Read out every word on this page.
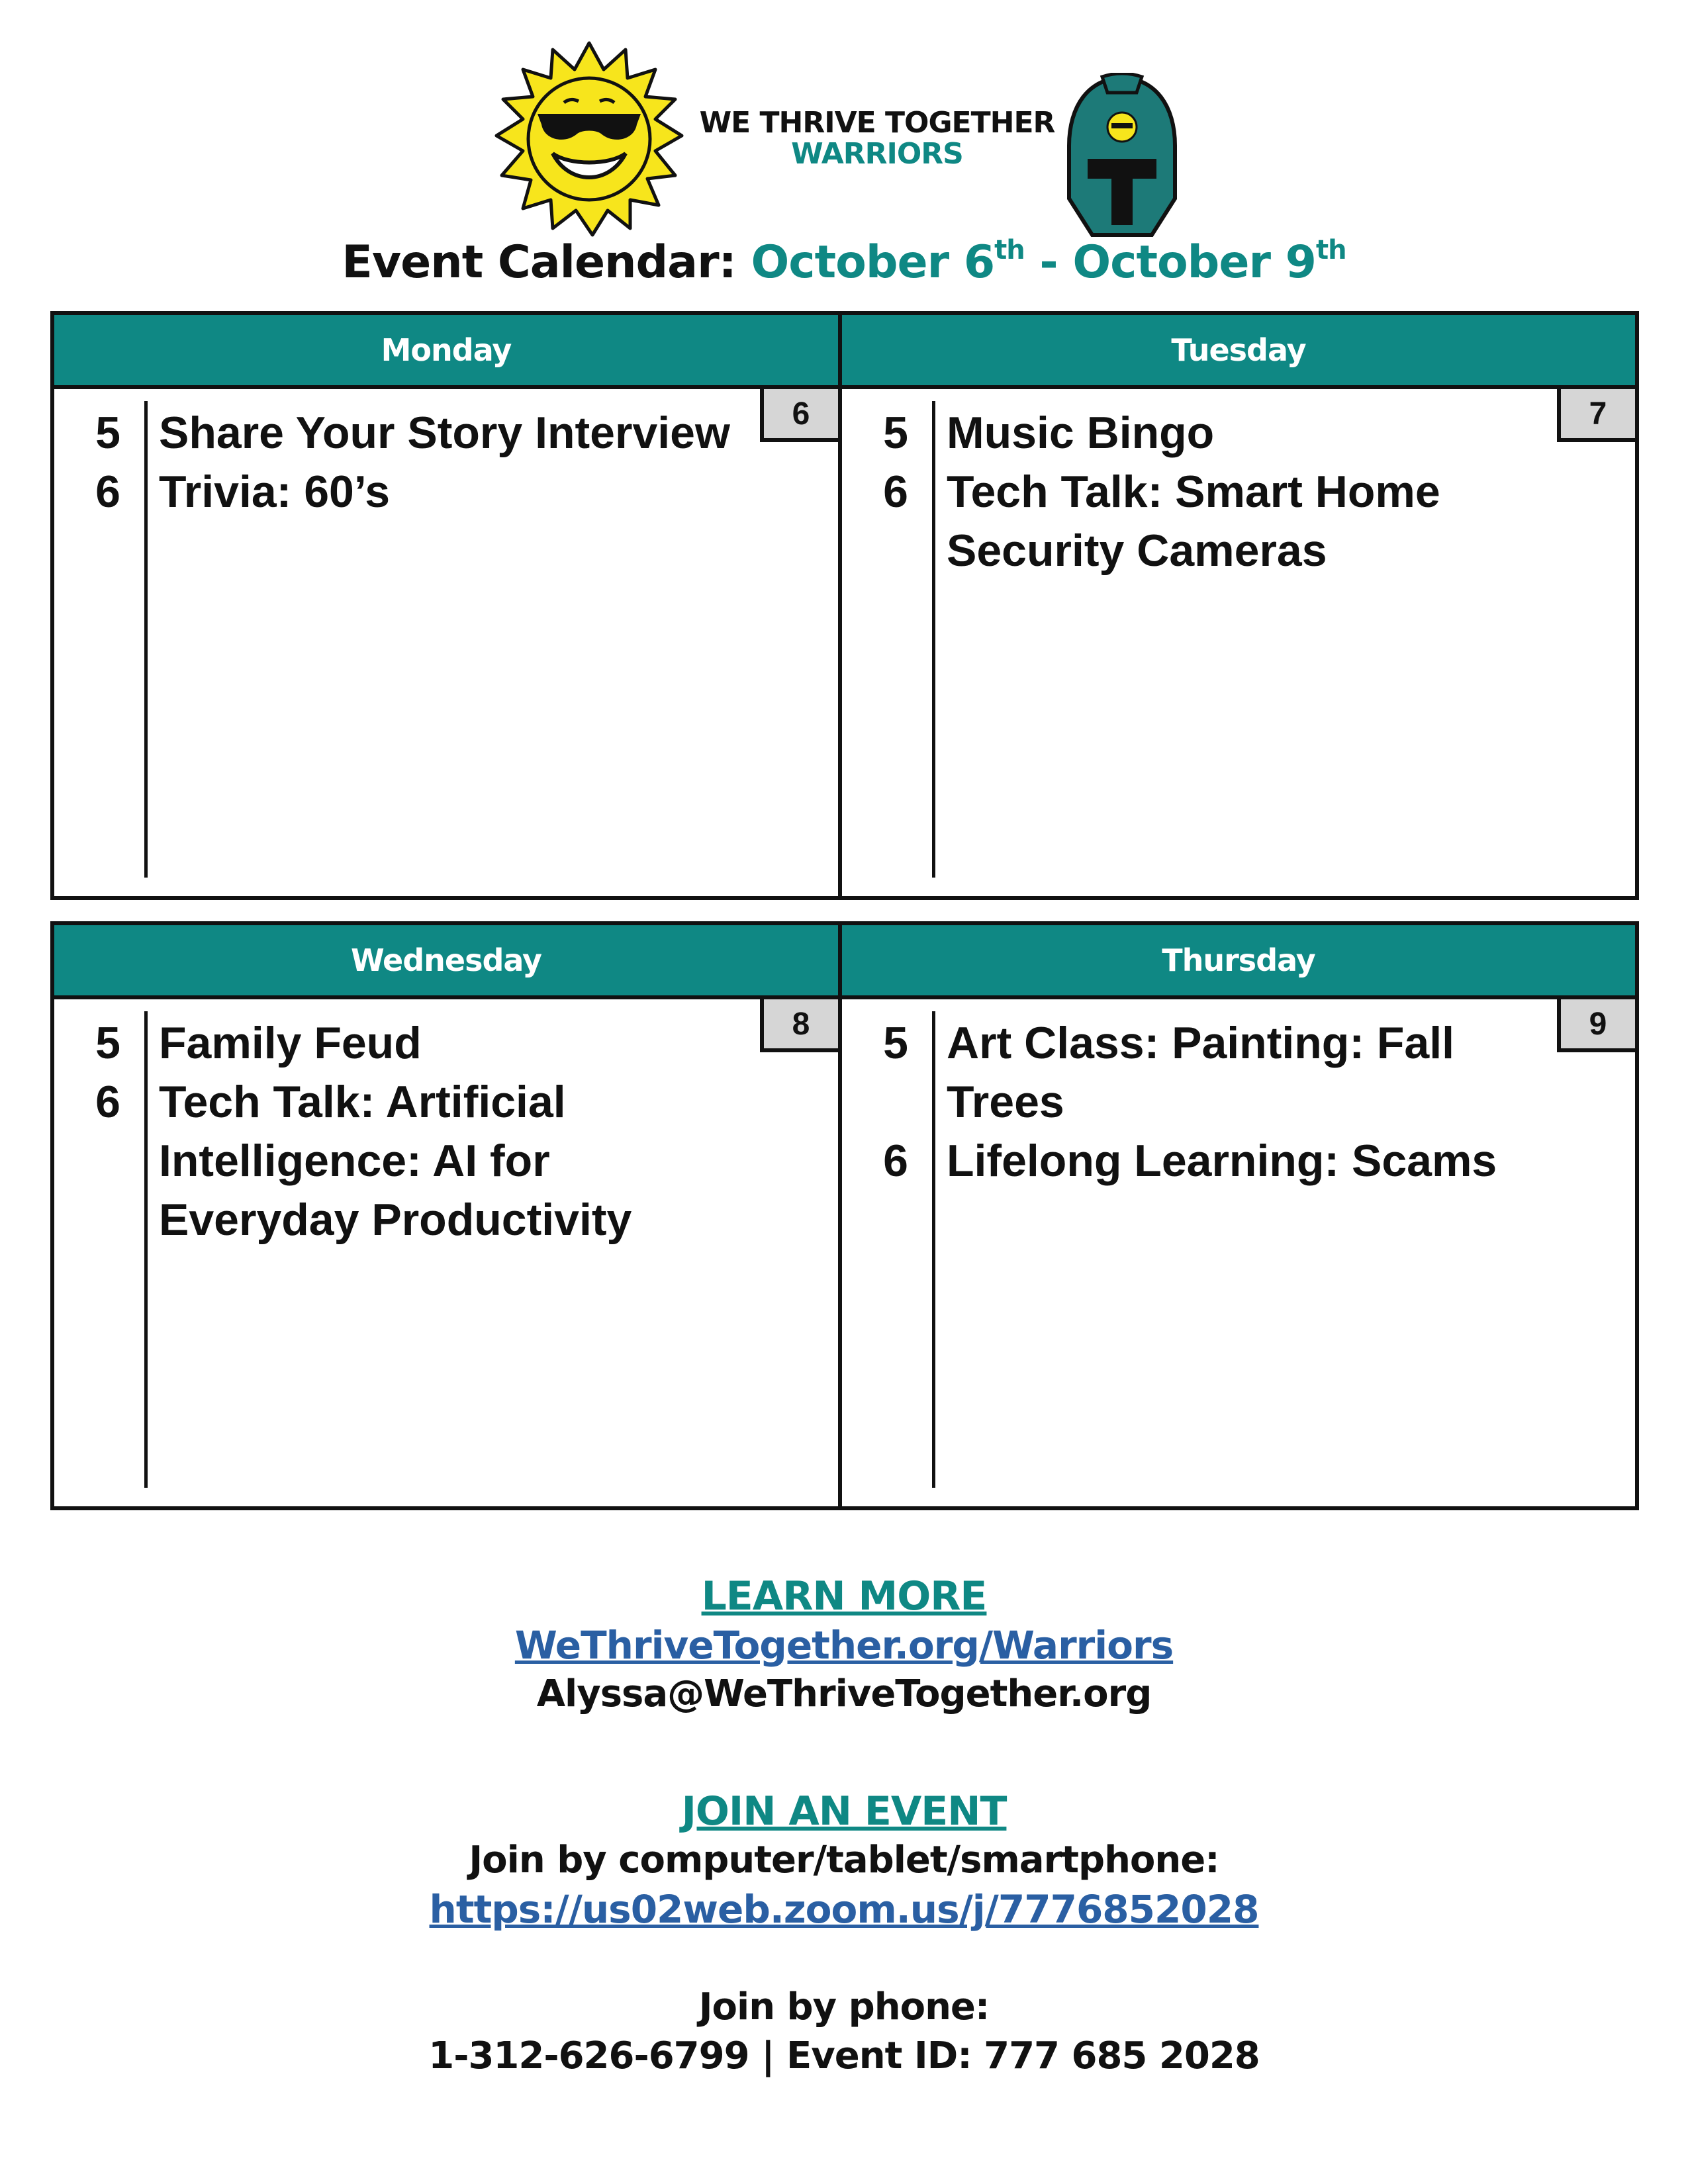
WE THRIVE TOGETHER
WARRIORS
Event Calendar: October 6th - October 9th
Monday	Tuesday
6
5 Share Your Story Interview
6 Trivia: 60’s
7
5 Music Bingo
6 Tech Talk: Smart Home Security Cameras
Wednesday	Thursday
8
5 Family Feud
6 Tech Talk: Artificial Intelligence: AI for Everyday Productivity
9
5 Art Class: Painting: Fall Trees
6 Lifelong Learning: Scams
LEARN MORE
WeThriveTogether.org/Warriors
Alyssa@WeThriveTogether.org
JOIN AN EVENT
Join by computer/tablet/smartphone:
https://us02web.zoom.us/j/7776852028
Join by phone:
1-312-626-6799 | Event ID: 777 685 2028
